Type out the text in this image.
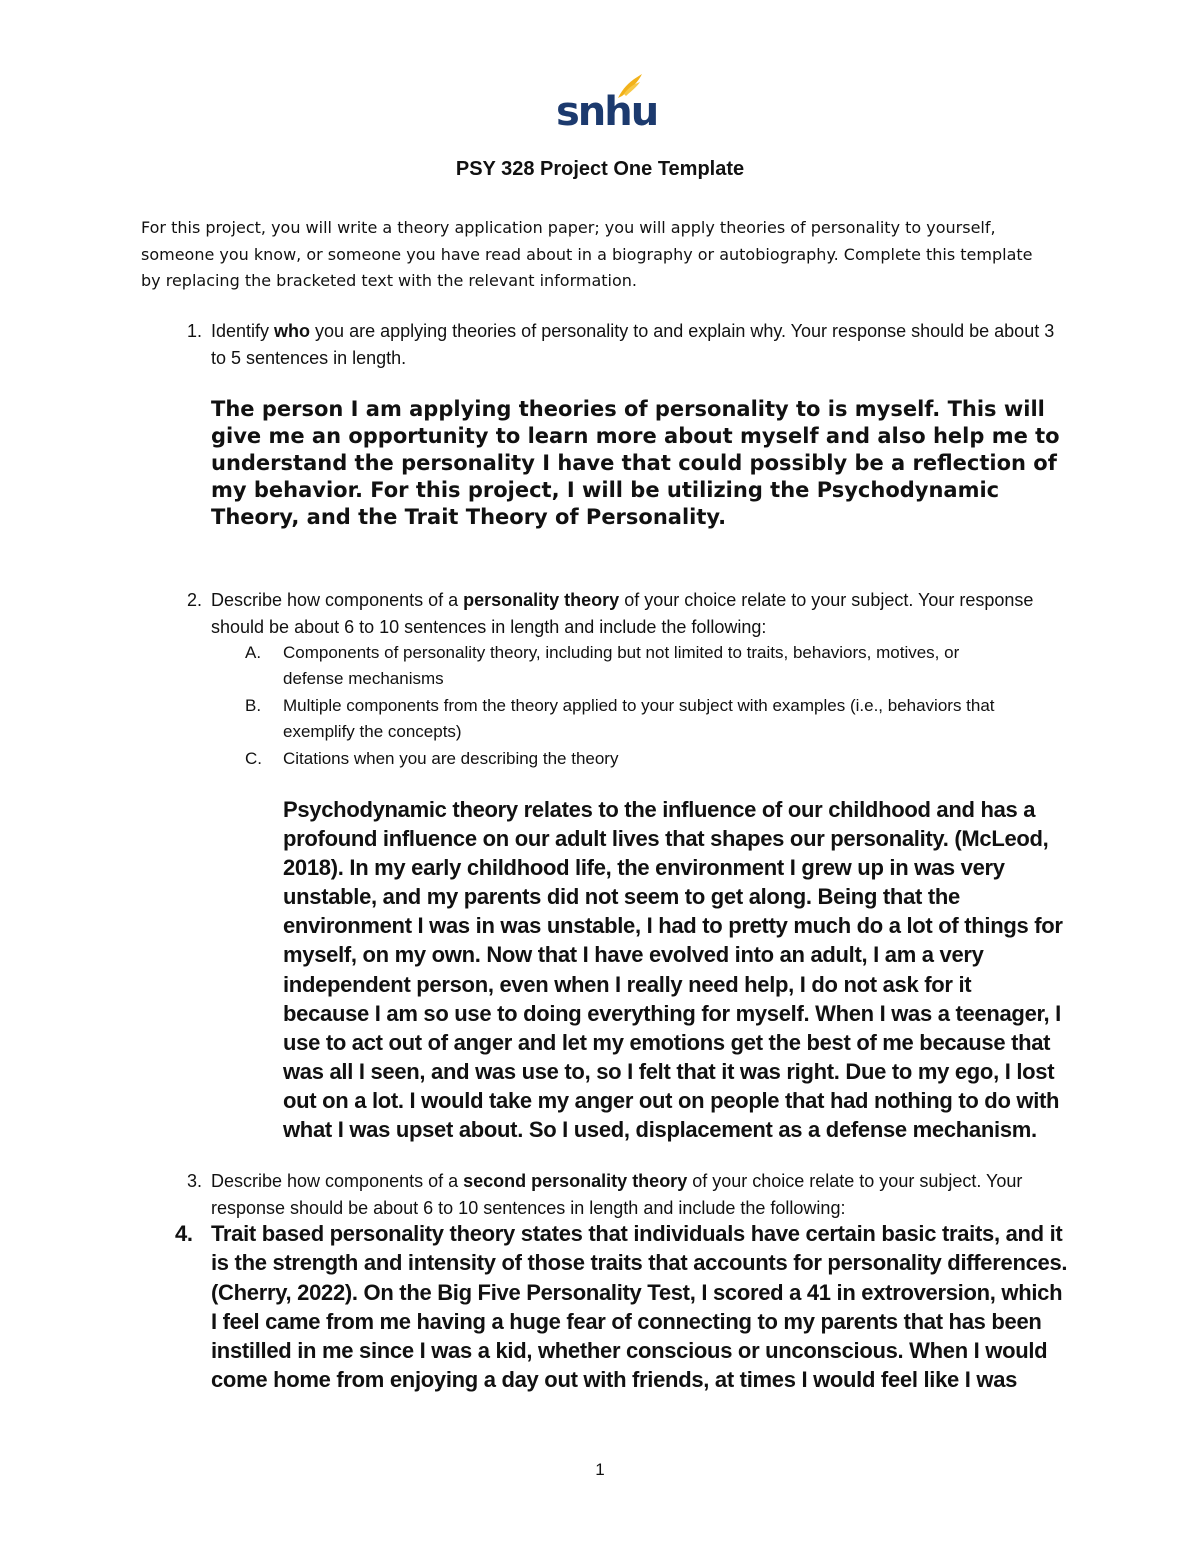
snhu
PSY 328 Project One Template

For this project, you will write a theory application paper; you will apply theories of personality to yourself, someone you know, or someone you have read about in a biography or autobiography. Complete this template by replacing the bracketed text with the relevant information.

1. Identify who you are applying theories of personality to and explain why. Your response should be about 3 to 5 sentences in length.

The person I am applying theories of personality to is myself. This will give me an opportunity to learn more about myself and also help me to understand the personality I have that could possibly be a reflection of my behavior. For this project, I will be utilizing the Psychodynamic Theory, and the Trait Theory of Personality.

2. Describe how components of a personality theory of your choice relate to your subject. Your response should be about 6 to 10 sentences in length and include the following:
A. Components of personality theory, including but not limited to traits, behaviors, motives, or defense mechanisms
B. Multiple components from the theory applied to your subject with examples (i.e., behaviors that exemplify the concepts)
C. Citations when you are describing the theory

Psychodynamic theory relates to the influence of our childhood and has a profound influence on our adult lives that shapes our personality. (McLeod, 2018). In my early childhood life, the environment I grew up in was very unstable, and my parents did not seem to get along. Being that the environment I was in was unstable, I had to pretty much do a lot of things for myself, on my own. Now that I have evolved into an adult, I am a very independent person, even when I really need help, I do not ask for it because I am so use to doing everything for myself. When I was a teenager, I use to act out of anger and let my emotions get the best of me because that was all I seen, and was use to, so I felt that it was right. Due to my ego, I lost out on a lot. I would take my anger out on people that had nothing to do with what I was upset about. So I used, displacement as a defense mechanism.

3. Describe how components of a second personality theory of your choice relate to your subject. Your response should be about 6 to 10 sentences in length and include the following:
4. Trait based personality theory states that individuals have certain basic traits, and it is the strength and intensity of those traits that accounts for personality differences. (Cherry, 2022). On the Big Five Personality Test, I scored a 41 in extroversion, which I feel came from me having a huge fear of connecting to my parents that has been instilled in me since I was a kid, whether conscious or unconscious. When I would come home from enjoying a day out with friends, at times I would feel like I was

1
